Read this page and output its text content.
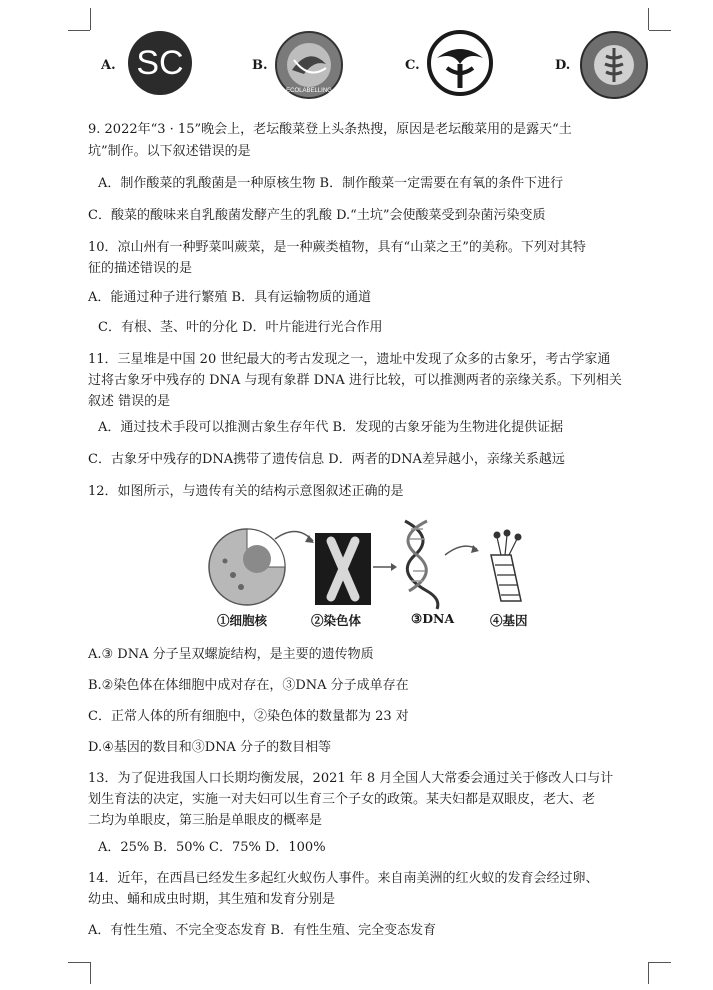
A. SC	B.
ECOLABELLING
C.	D.
9. 2022年“3 · 15”晚会上，老坛酸菜登上头条热搜，原因是老坛酸菜用的是露天“土
坑”制作。以下叙述错误的是
A．制作酸菜的乳酸菌是一种原核生物 B．制作酸菜一定需要在有氧的条件下进行
C．酸菜的酸味来自乳酸菌发酵产生的乳酸 D.“土坑”会使酸菜受到杂菌污染变质
10．凉山州有一种野菜叫蕨菜，是一种蕨类植物，具有“山菜之王”的美称。下列对其特
征的描述错误的是
A．能通过种子进行繁殖 B．具有运输物质的通道
C．有根、茎、叶的分化 D．叶片能进行光合作用
11．三星堆是中国 20 世纪最大的考古发现之一，遗址中发现了众多的古象牙，考古学家通
过将古象牙中残存的 DNA 与现有象群 DNA 进行比较，可以推测两者的亲缘关系。下列相关
叙述 错误的是
A．通过技术手段可以推测古象生存年代 B．发现的古象牙能为生物进化提供证据
C．古象牙中残存的DNA携带了遗传信息 D．两者的DNA差异越小，亲缘关系越远
12．如图所示，与遗传有关的结构示意图叙述正确的是
①细胞核	②染色体	③DNA	④基因
A.③ DNA 分子呈双螺旋结构，是主要的遗传物质
B.②染色体在体细胞中成对存在，③DNA 分子成单存在
C．正常人体的所有细胞中，②染色体的数量都为 23 对
D.④基因的数目和③DNA 分子的数目相等
13．为了促进我国人口长期均衡发展，2021 年 8 月全国人大常委会通过关于修改人口与计
划生育法的决定，实施一对夫妇可以生育三个子女的政策。某夫妇都是双眼皮，老大、老
二均为单眼皮，第三胎是单眼皮的概率是
A．25% B．50% C．75% D．100%
14．近年，在西昌已经发生多起红火蚁伤人事件。来自南美洲的红火蚁的发育会经过卵、
幼虫、蛹和成虫时期，其生殖和发育分别是
A．有性生殖、不完全变态发育 B．有性生殖、完全变态发育
